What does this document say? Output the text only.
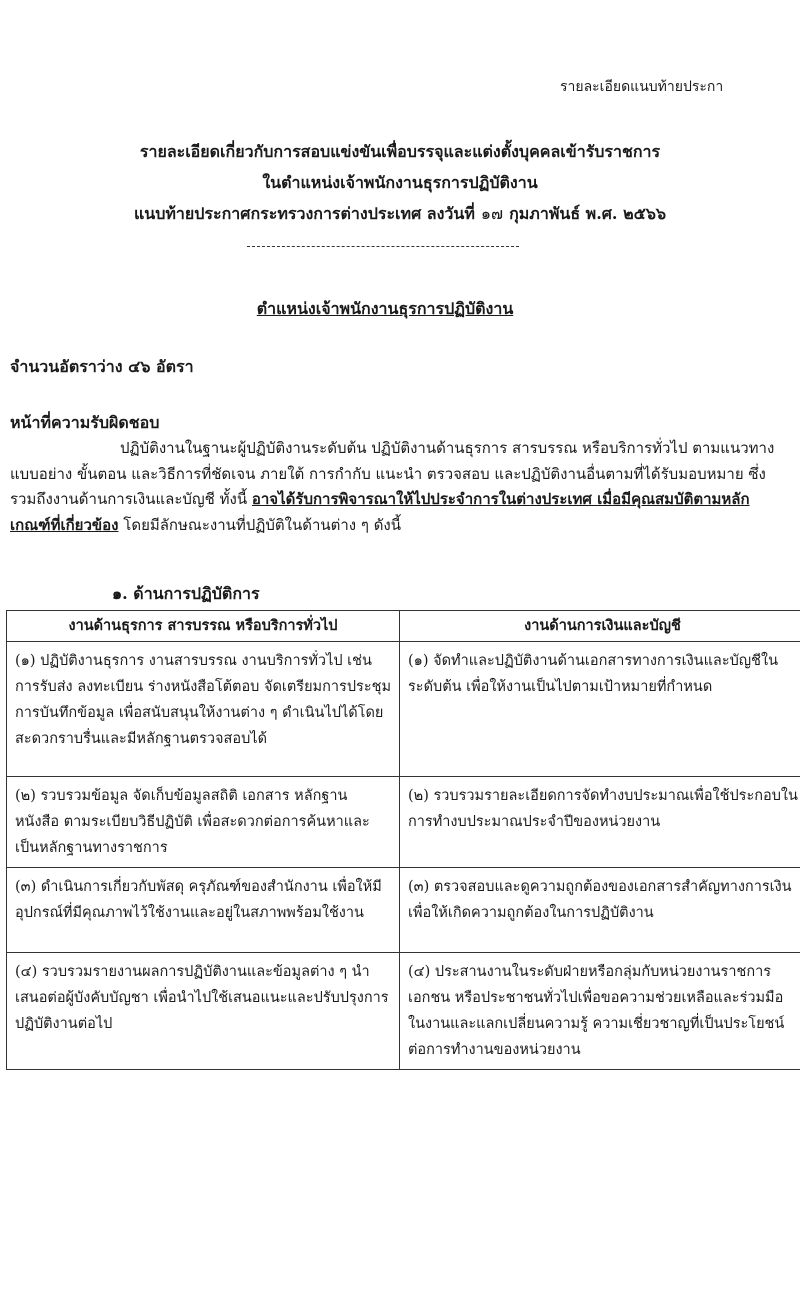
รายละเอียดแนบท้ายประกา
รายละเอียดเกี่ยวกับการสอบแข่งขันเพื่อบรรจุและแต่งตั้งบุคคลเข้ารับราชการ
ในตำแหน่งเจ้าพนักงานธุรการปฏิบัติงาน
แนบท้ายประกาศกระทรวงการต่างประเทศ ลงวันที่ ๑๗ กุมภาพันธ์ พ.ศ. ๒๕๖๖
ตำแหน่งเจ้าพนักงานธุรการปฏิบัติงาน
จำนวนอัตราว่าง ๔๖ อัตรา
หน้าที่ความรับผิดชอบ
ปฏิบัติงานในฐานะผู้ปฏิบัติงานระดับต้น ปฏิบัติงานด้านธุรการ สารบรรณ หรือบริการทั่วไป ตามแนวทางแบบอย่าง ขั้นตอน และวิธีการที่ชัดเจน ภายใต้ การกำกับ แนะนำ ตรวจสอบ และปฏิบัติงานอื่นตามที่ได้รับมอบหมาย ซึ่งรวมถึงงานด้านการเงินและบัญชี ทั้งนี้ อาจได้รับการพิจารณาให้ไปประจำการในต่างประเทศ เมื่อมีคุณสมบัติตามหลักเกณฑ์ที่เกี่ยวข้อง โดยมีลักษณะงานที่ปฏิบัติในด้านต่าง ๆ ดังนี้
๑. ด้านการปฏิบัติการ
งานด้านธุรการ สารบรรณ หรือบริการทั่วไป	งานด้านการเงินและบัญชี
(๑) ปฏิบัติงานธุรการ งานสารบรรณ งานบริการทั่วไป เช่น การรับส่ง ลงทะเบียน ร่างหนังสือโต้ตอบ จัดเตรียมการประชุม การบันทึกข้อมูล เพื่อสนับสนุนให้งานต่าง ๆ ดำเนินไปได้โดยสะดวกราบรื่นและมีหลักฐานตรวจสอบได้	(๑) จัดทำและปฏิบัติงานด้านเอกสารทางการเงินและบัญชีในระดับต้น เพื่อให้งานเป็นไปตามเป้าหมายที่กำหนด
(๒) รวบรวมข้อมูล จัดเก็บข้อมูลสถิติ เอกสาร หลักฐาน หนังสือ ตามระเบียบวิธีปฏิบัติ เพื่อสะดวกต่อการค้นหาและเป็นหลักฐานทางราชการ	(๒) รวบรวมรายละเอียดการจัดทำงบประมาณเพื่อใช้ประกอบในการทำงบประมาณประจำปีของหน่วยงาน
(๓) ดำเนินการเกี่ยวกับพัสดุ ครุภัณฑ์ของสำนักงาน เพื่อให้มีอุปกรณ์ที่มีคุณภาพไว้ใช้งานและอยู่ในสภาพพร้อมใช้งาน	(๓) ตรวจสอบและดูความถูกต้องของเอกสารสำคัญทางการเงิน เพื่อให้เกิดความถูกต้องในการปฏิบัติงาน
(๔) รวบรวมรายงานผลการปฏิบัติงานและข้อมูลต่าง ๆ นำเสนอต่อผู้บังคับบัญชา เพื่อนำไปใช้เสนอแนะและปรับปรุงการปฏิบัติงานต่อไป	(๔) ประสานงานในระดับฝ่ายหรือกลุ่มกับหน่วยงานราชการ เอกชน หรือประชาชนทั่วไปเพื่อขอความช่วยเหลือและร่วมมือในงานและแลกเปลี่ยนความรู้ ความเชี่ยวชาญที่เป็นประโยชน์ต่อการทำงานของหน่วยงาน
